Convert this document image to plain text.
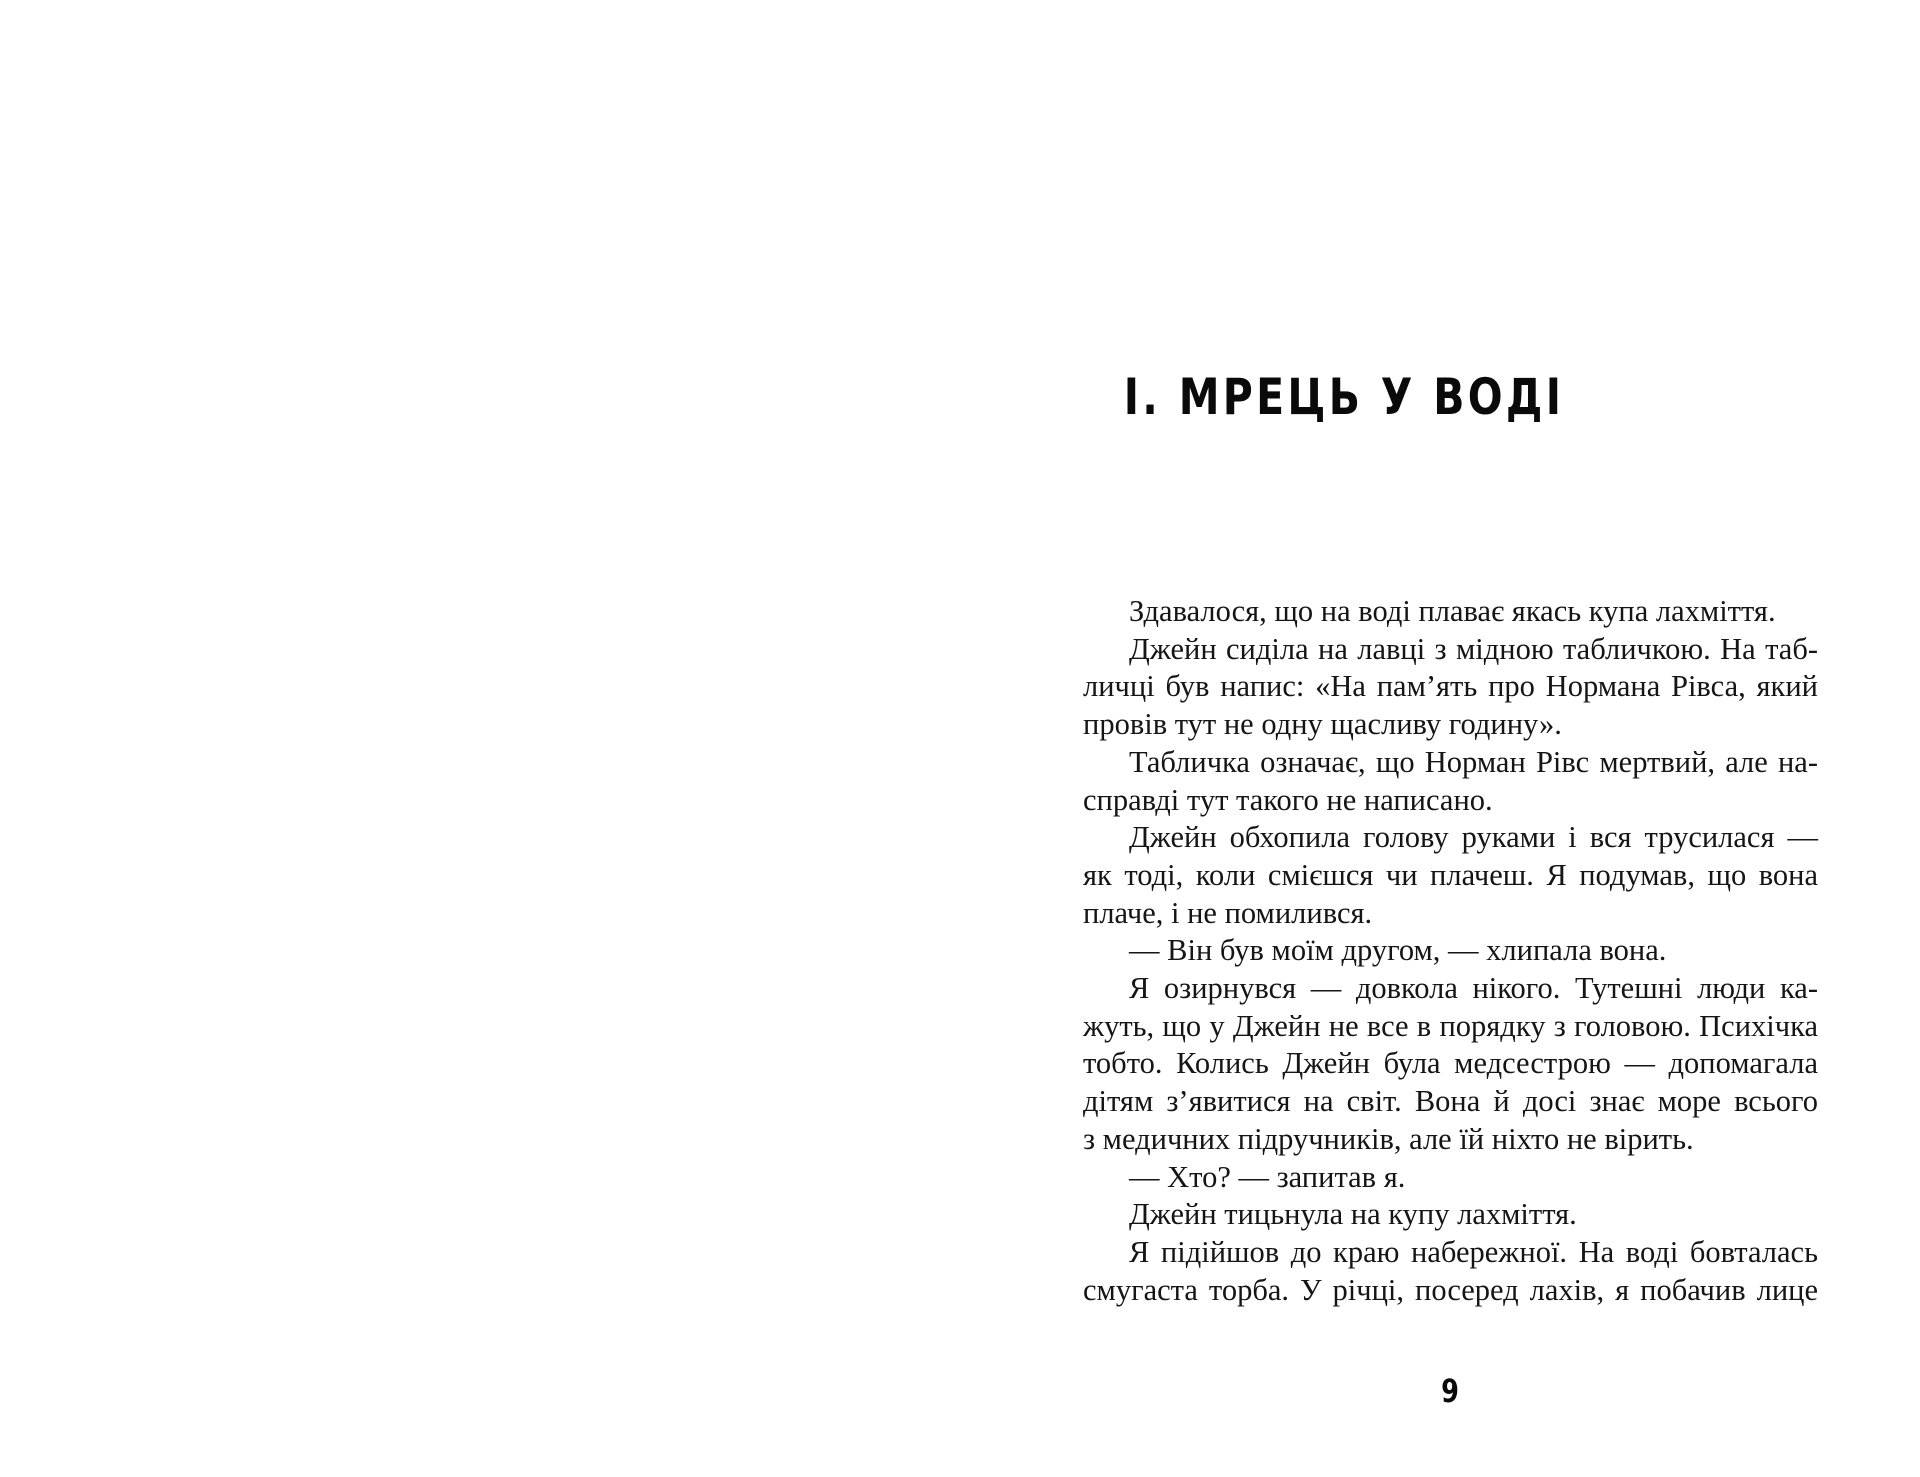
I. МРЕЦЬ У ВОДІ
Здавалося, що на воді плаває якась купа лахміття.
Джейн сиділа на лавці з мідною табличкою. На таб-
личці був напис: «На пам’ять про Нормана Рівса, який
провів тут не одну щасливу годину».
Табличка означає, що Норман Рівс мертвий, але на-
справді тут такого не написано.
Джейн обхопила голову руками і вся трусилася —
як тоді, коли смієшся чи плачеш. Я подумав, що вона
плаче, і не помилився.
— Він був моїм другом, — хлипала вона.
Я озирнувся — довкола нікого. Тутешні люди ка-
жуть, що у Джейн не все в порядку з головою. Психічка
тобто. Колись Джейн була медсестрою — допомагала
дітям з’явитися на світ. Вона й досі знає море всього
з медичних підручників, але їй ніхто не вірить.
— Хто? — запитав я.
Джейн тицьнула на купу лахміття.
Я підійшов до краю набережної. На воді бовталась
смугаста торба. У річці, посеред лахів, я побачив лице
9
